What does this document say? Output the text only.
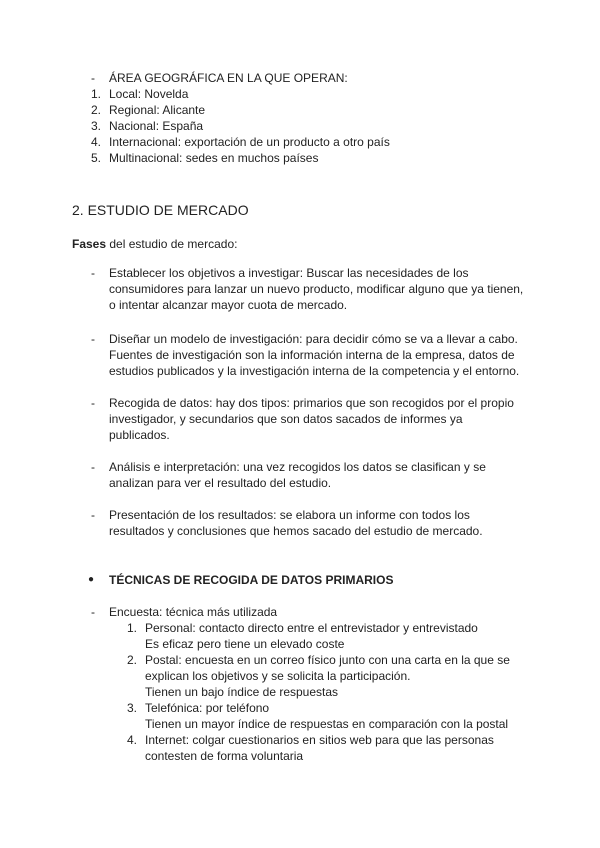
- ÁREA GEOGRÁFICA EN LA QUE OPERAN:
1. Local: Novelda
2. Regional: Alicante
3. Nacional: España
4. Internacional: exportación de un producto a otro país
5. Multinacional: sedes en muchos países
2. ESTUDIO DE MERCADO
Fases del estudio de mercado:
- Establecer los objetivos a investigar: Buscar las necesidades de los
consumidores para lanzar un nuevo producto, modificar alguno que ya tienen,
o intentar alcanzar mayor cuota de mercado.
- Diseñar un modelo de investigación: para decidir cómo se va a llevar a cabo.
Fuentes de investigación son la información interna de la empresa, datos de
estudios publicados y la investigación interna de la competencia y el entorno.
- Recogida de datos: hay dos tipos: primarios que son recogidos por el propio
investigador, y secundarios que son datos sacados de informes ya
publicados.
- Análisis e interpretación: una vez recogidos los datos se clasifican y se
analizan para ver el resultado del estudio.
- Presentación de los resultados: se elabora un informe con todos los
resultados y conclusiones que hemos sacado del estudio de mercado.
● TÉCNICAS DE RECOGIDA DE DATOS PRIMARIOS
- Encuesta: técnica más utilizada
1. Personal: contacto directo entre el entrevistador y entrevistado
Es eficaz pero tiene un elevado coste
2. Postal: encuesta en un correo físico junto con una carta en la que se
explican los objetivos y se solicita la participación.
Tienen un bajo índice de respuestas
3. Telefónica: por teléfono
Tienen un mayor índice de respuestas en comparación con la postal
4. Internet: colgar cuestionarios en sitios web para que las personas
contesten de forma voluntaria
